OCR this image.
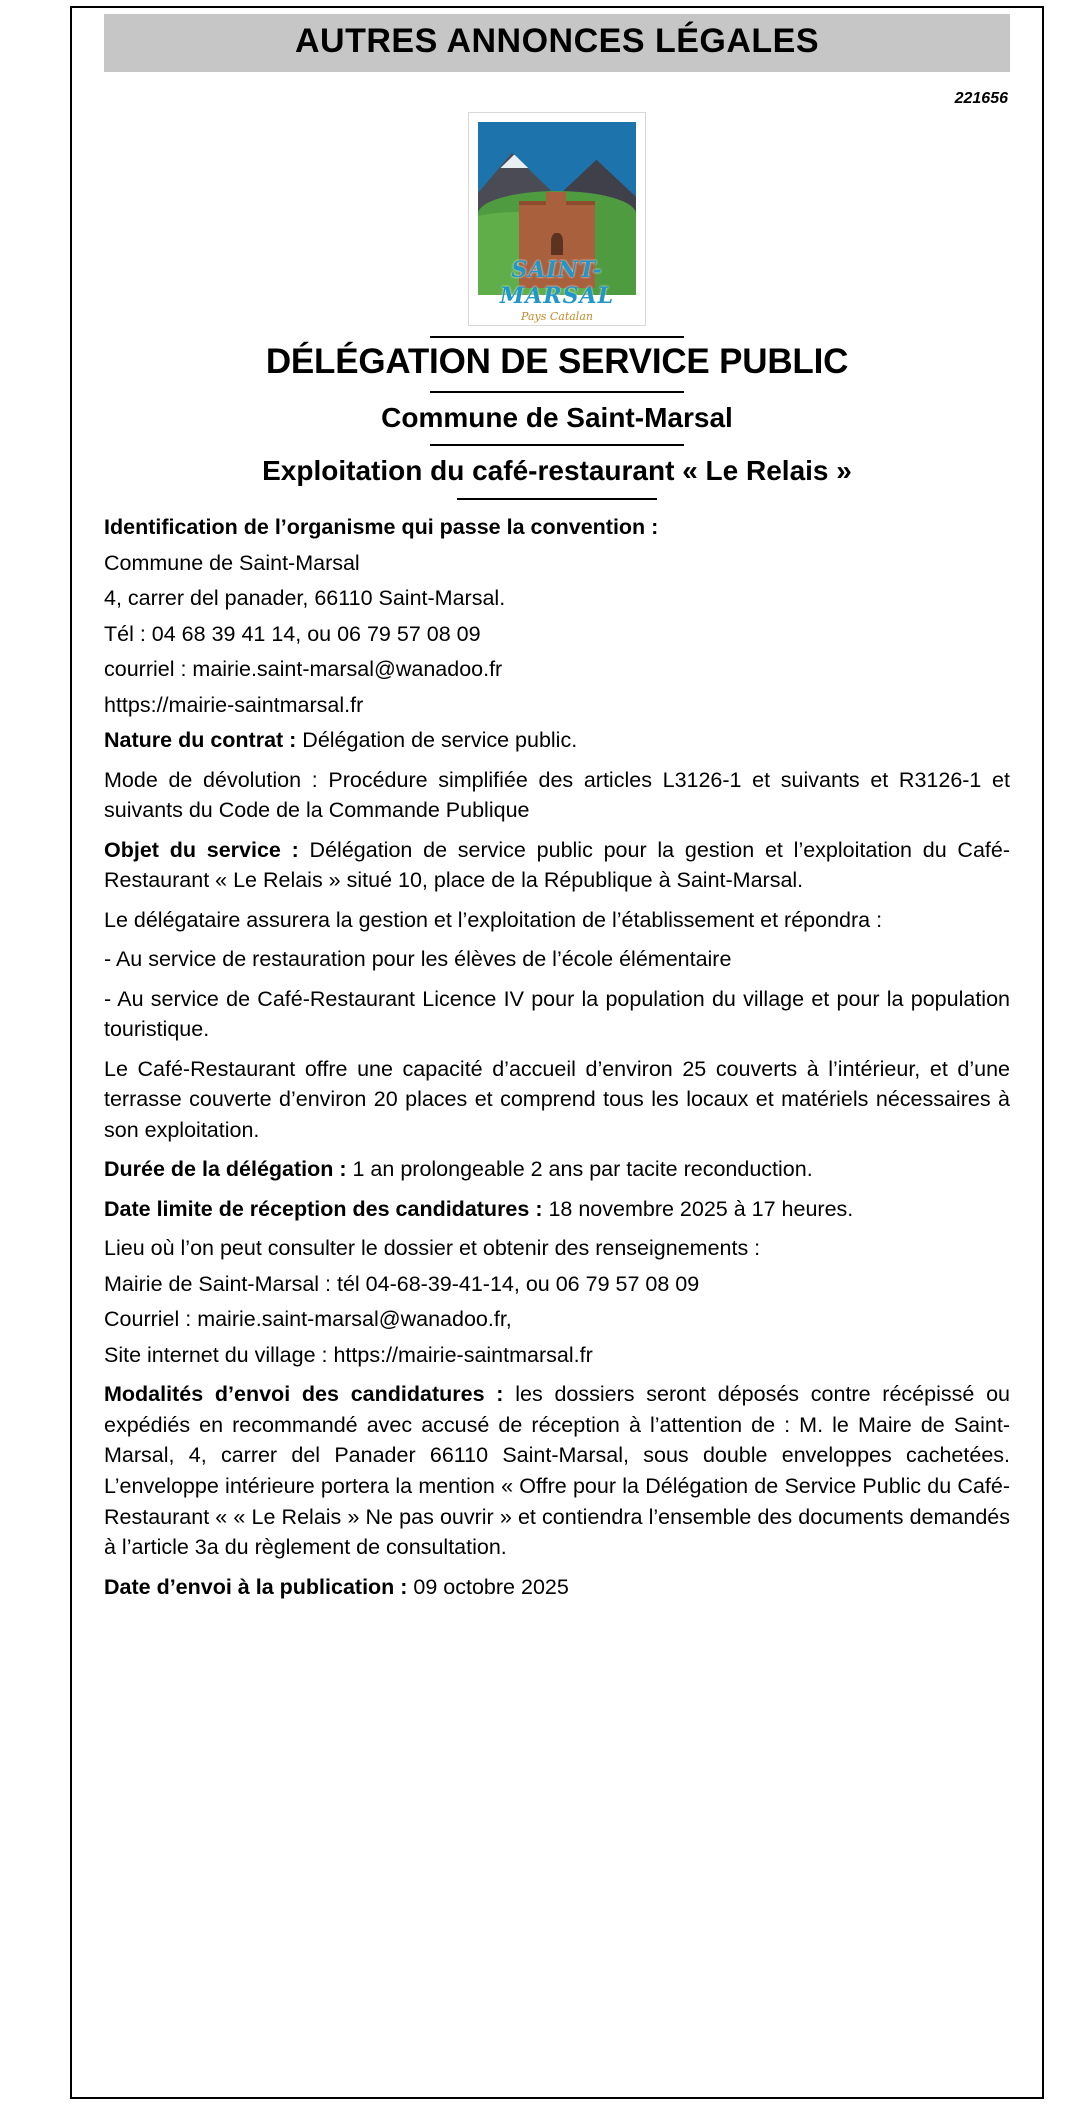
AUTRES ANNONCES LÉGALES
221656
SAINT-MARSAL
Pays Catalan
DÉLÉGATION DE SERVICE PUBLIC
Commune de Saint-Marsal
Exploitation du café-restaurant « Le Relais »

Identification de l’organisme qui passe la convention :

Commune de Saint-Marsal

4, carrer del panader, 66110 Saint-Marsal.

Tél : 04 68 39 41 14, ou 06 79 57 08 09

courriel : mairie.saint-marsal@wanadoo.fr

https://mairie-saintmarsal.fr

Nature du contrat : Délégation de service public.

Mode de dévolution : Procédure simplifiée des articles L3126-1 et suivants et R3126-1 et suivants du Code de la Commande Publique

Objet du service : Délégation de service public pour la gestion et l’exploitation du Café-Restaurant « Le Relais » situé 10, place de la République à Saint-Marsal.

Le délégataire assurera la gestion et l’exploitation de l’établissement et répondra :

- Au service de restauration pour les élèves de l’école élémentaire

- Au service de Café-Restaurant Licence IV pour la population du village et pour la population touristique.

Le Café-Restaurant offre une capacité d’accueil d’environ 25 couverts à l’intérieur, et d’une terrasse couverte d’environ 20 places et comprend tous les locaux et matériels nécessaires à son exploitation.

Durée de la délégation : 1 an prolongeable 2 ans par tacite reconduction.

Date limite de réception des candidatures : 18 novembre 2025 à 17 heures.

Lieu où l’on peut consulter le dossier et obtenir des renseignements :

Mairie de Saint-Marsal : tél 04-68-39-41-14, ou 06 79 57 08 09

Courriel : mairie.saint-marsal@wanadoo.fr,

Site internet du village : https://mairie-saintmarsal.fr

Modalités d’envoi des candidatures : les dossiers seront déposés contre récépissé ou expédiés en recommandé avec accusé de réception à l’attention de : M. le Maire de Saint-Marsal, 4, carrer del Panader 66110 Saint-Marsal, sous double enveloppes cachetées. L’enveloppe intérieure portera la mention « Offre pour la Délégation de Service Public du Café-Restaurant « « Le Relais » Ne pas ouvrir » et contiendra l’ensemble des documents demandés à l’article 3a du règlement de consultation.

Date d’envoi à la publication : 09 octobre 2025
